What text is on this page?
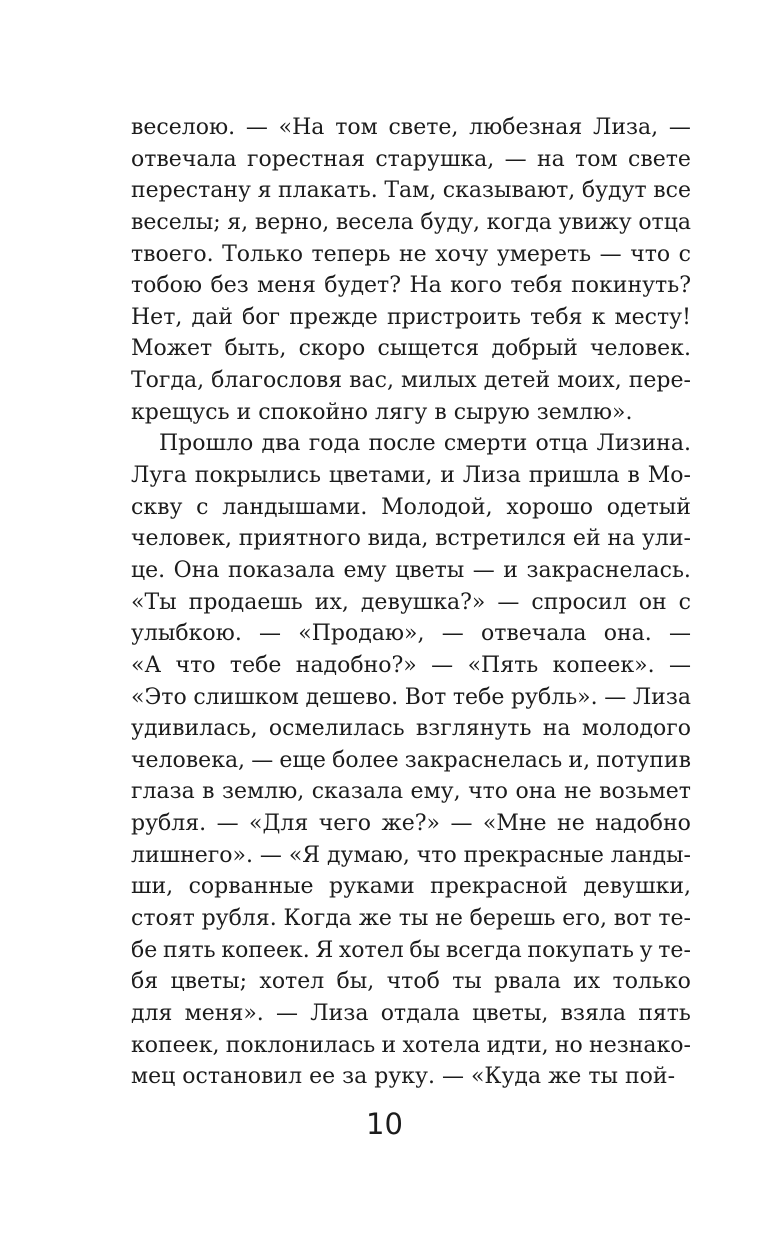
веселою. — «На том свете, любезная Лиза, —
отвечала горестная старушка, — на том свете
перестану я плакать. Там, сказывают, будут все
веселы; я, верно, весела буду, когда увижу отца
твоего. Только теперь не хочу умереть — что с
тобою без меня будет? На кого тебя покинуть?
Нет, дай бог прежде пристроить тебя к месту!
Может быть, скоро сыщется добрый человек.
Тогда, благословя вас, милых детей моих, пере-
крещусь и спокойно лягу в сырую землю».
Прошло два года после смерти отца Лизина.
Луга покрылись цветами, и Лиза пришла в Мо-
скву с ландышами. Молодой, хорошо одетый
человек, приятного вида, встретился ей на ули-
це. Она показала ему цветы — и закраснелась.
«Ты продаешь их, девушка?» — спросил он с
улыбкою. — «Продаю», — отвечала она. —
«А что тебе надобно?» — «Пять копеек». —
«Это слишком дешево. Вот тебе рубль». — Лиза
удивилась, осмелилась взглянуть на молодого
человека, — еще более закраснелась и, потупив
глаза в землю, сказала ему, что она не возьмет
рубля. — «Для чего же?» — «Мне не надобно
лишнего». — «Я думаю, что прекрасные ланды-
ши, сорванные руками прекрасной девушки,
стоят рубля. Когда же ты не берешь его, вот те-
бе пять копеек. Я хотел бы всегда покупать у те-
бя цветы; хотел бы, чтоб ты рвала их только
для меня». — Лиза отдала цветы, взяла пять
копеек, поклонилась и хотела идти, но незнако-
мец остановил ее за руку. — «Куда же ты пой-
10
